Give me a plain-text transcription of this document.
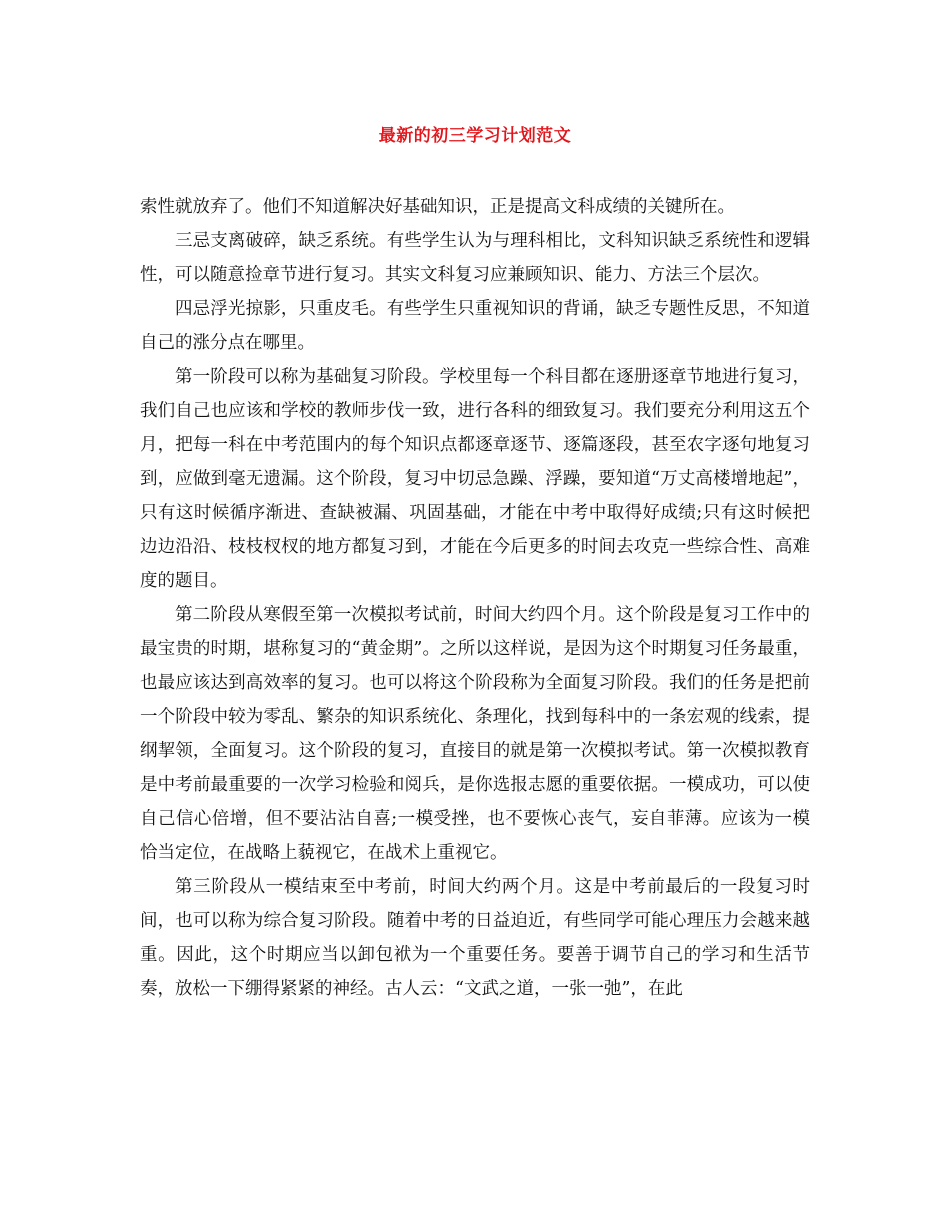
最新的初三学习计划范文

索性就放弃了。他们不知道解决好基础知识，正是提高文科成绩的关键所在。

三忌支离破碎，缺乏系统。有些学生认为与理科相比，文科知识缺乏系统性和逻辑性，可以随意捡章节进行复习。其实文科复习应兼顾知识、能力、方法三个层次。

四忌浮光掠影，只重皮毛。有些学生只重视知识的背诵，缺乏专题性反思，不知道自己的涨分点在哪里。

第一阶段可以称为基础复习阶段。学校里每一个科目都在逐册逐章节地进行复习，我们自己也应该和学校的教师步伐一致，进行各科的细致复习。我们要充分利用这五个月，把每一科在中考范围内的每个知识点都逐章逐节、逐篇逐段，甚至农字逐句地复习到，应做到毫无遗漏。这个阶段，复习中切忌急躁、浮躁，要知道“万丈高楼增地起”，只有这时候循序渐进、查缺被漏、巩固基础，才能在中考中取得好成绩;只有这时候把边边沿沿、枝枝杈杈的地方都复习到，才能在今后更多的时间去攻克一些综合性、高难度的题目。

第二阶段从寒假至第一次模拟考试前，时间大约四个月。这个阶段是复习工作中的最宝贵的时期，堪称复习的“黄金期”。之所以这样说，是因为这个时期复习任务最重，也最应该达到高效率的复习。也可以将这个阶段称为全面复习阶段。我们的任务是把前一个阶段中较为零乱、繁杂的知识系统化、条理化，找到每科中的一条宏观的线索，提纲挈领，全面复习。这个阶段的复习，直接目的就是第一次模拟考试。第一次模拟教育是中考前最重要的一次学习检验和阅兵，是你选报志愿的重要依据。一模成功，可以使自己信心倍增，但不要沾沾自喜;一模受挫，也不要恢心丧气，妄自菲薄。应该为一模恰当定位，在战略上藐视它，在战术上重视它。

第三阶段从一模结束至中考前，时间大约两个月。这是中考前最后的一段复习时间，也可以称为综合复习阶段。随着中考的日益迫近，有些同学可能心理压力会越来越重。因此，这个时期应当以卸包袱为一个重要任务。要善于调节自己的学习和生活节奏，放松一下绷得紧紧的神经。古人云：“文武之道，一张一弛”，在此
